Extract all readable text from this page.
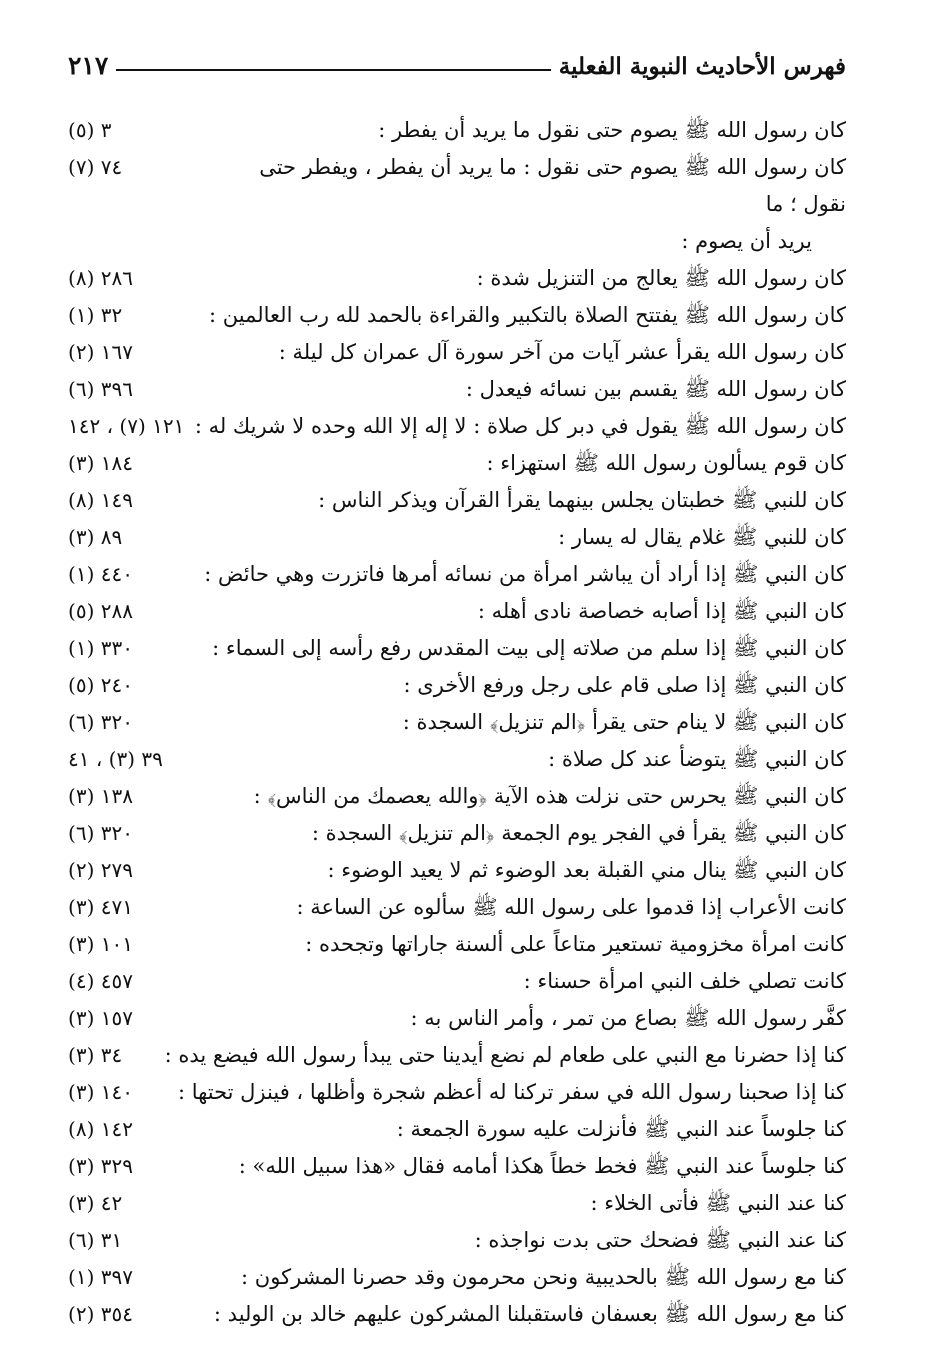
فهرس الأحاديث النبوية الفعلية
٢١٧
كان رسول الله ﷺ يصوم حتى نقول ما يريد أن يفطر :
٣ (٥)
كان رسول الله ﷺ يصوم حتى نقول : ما يريد أن يفطر ، ويفطر حتى نقول ؛ ما
يريد أن يصوم :
٧٤ (٧)
كان رسول الله ﷺ يعالج من التنزيل شدة :
٢٨٦ (٨)
كان رسول الله ﷺ يفتتح الصلاة بالتكبير والقراءة بالحمد لله رب العالمين :
٣٢ (١)
كان رسول الله يقرأ عشر آيات من آخر سورة آل عمران كل ليلة :
١٦٧ (٢)
كان رسول الله ﷺ يقسم بين نسائه فيعدل :
٣٩٦ (٦)
كان رسول الله ﷺ يقول في دبر كل صلاة : لا إله إلا الله وحده لا شريك له :
١٢١ (٧) ، ١٤٢
كان قوم يسألون رسول الله ﷺ استهزاء :
١٨٤ (٣)
كان للنبي ﷺ خطبتان يجلس بينهما يقرأ القرآن ويذكر الناس :
١٤٩ (٨)
كان للنبي ﷺ غلام يقال له يسار :
٨٩ (٣)
كان النبي ﷺ إذا أراد أن يباشر امرأة من نسائه أمرها فاتزرت وهي حائض :
٤٤٠ (١)
كان النبي ﷺ إذا أصابه خصاصة نادى أهله :
٢٨٨ (٥)
كان النبي ﷺ إذا سلم من صلاته إلى بيت المقدس رفع رأسه إلى السماء :
٣٣٠ (١)
كان النبي ﷺ إذا صلى قام على رجل ورفع الأخرى :
٢٤٠ (٥)
كان النبي ﷺ لا ينام حتى يقرأ ﴿الم تنزيل﴾ السجدة :
٣٢٠ (٦)
كان النبي ﷺ يتوضأ عند كل صلاة :
٣٩ (٣) ، ٤١
كان النبي ﷺ يحرس حتى نزلت هذه الآية ﴿والله يعصمك من الناس﴾ :
١٣٨ (٣)
كان النبي ﷺ يقرأ في الفجر يوم الجمعة ﴿الم تنزيل﴾ السجدة :
٣٢٠ (٦)
كان النبي ﷺ ينال مني القبلة بعد الوضوء ثم لا يعيد الوضوء :
٢٧٩ (٢)
كانت الأعراب إذا قدموا على رسول الله ﷺ سألوه عن الساعة :
٤٧١ (٣)
كانت امرأة مخزومية تستعير متاعاً على ألسنة جاراتها وتجحده :
١٠١ (٣)
كانت تصلي خلف النبي امرأة حسناء :
٤٥٧ (٤)
كفَّر رسول الله ﷺ بصاع من تمر ، وأمر الناس به :
١٥٧ (٣)
كنا إذا حضرنا مع النبي على طعام لم نضع أيدينا حتى يبدأ رسول الله فيضع يده :
٣٤ (٣)
كنا إذا صحبنا رسول الله في سفر تركنا له أعظم شجرة وأظلها ، فينزل تحتها :
١٤٠ (٣)
كنا جلوساً عند النبي ﷺ فأنزلت عليه سورة الجمعة :
١٤٢ (٨)
كنا جلوساً عند النبي ﷺ فخط خطاً هكذا أمامه فقال «هذا سبيل الله» :
٣٢٩ (٣)
كنا عند النبي ﷺ فأتى الخلاء :
٤٢ (٣)
كنا عند النبي ﷺ فضحك حتى بدت نواجذه :
٣١ (٦)
كنا مع رسول الله ﷺ بالحديبية ونحن محرمون وقد حصرنا المشركون :
٣٩٧ (١)
كنا مع رسول الله ﷺ بعسفان فاستقبلنا المشركون عليهم خالد بن الوليد :
٣٥٤ (٢)
